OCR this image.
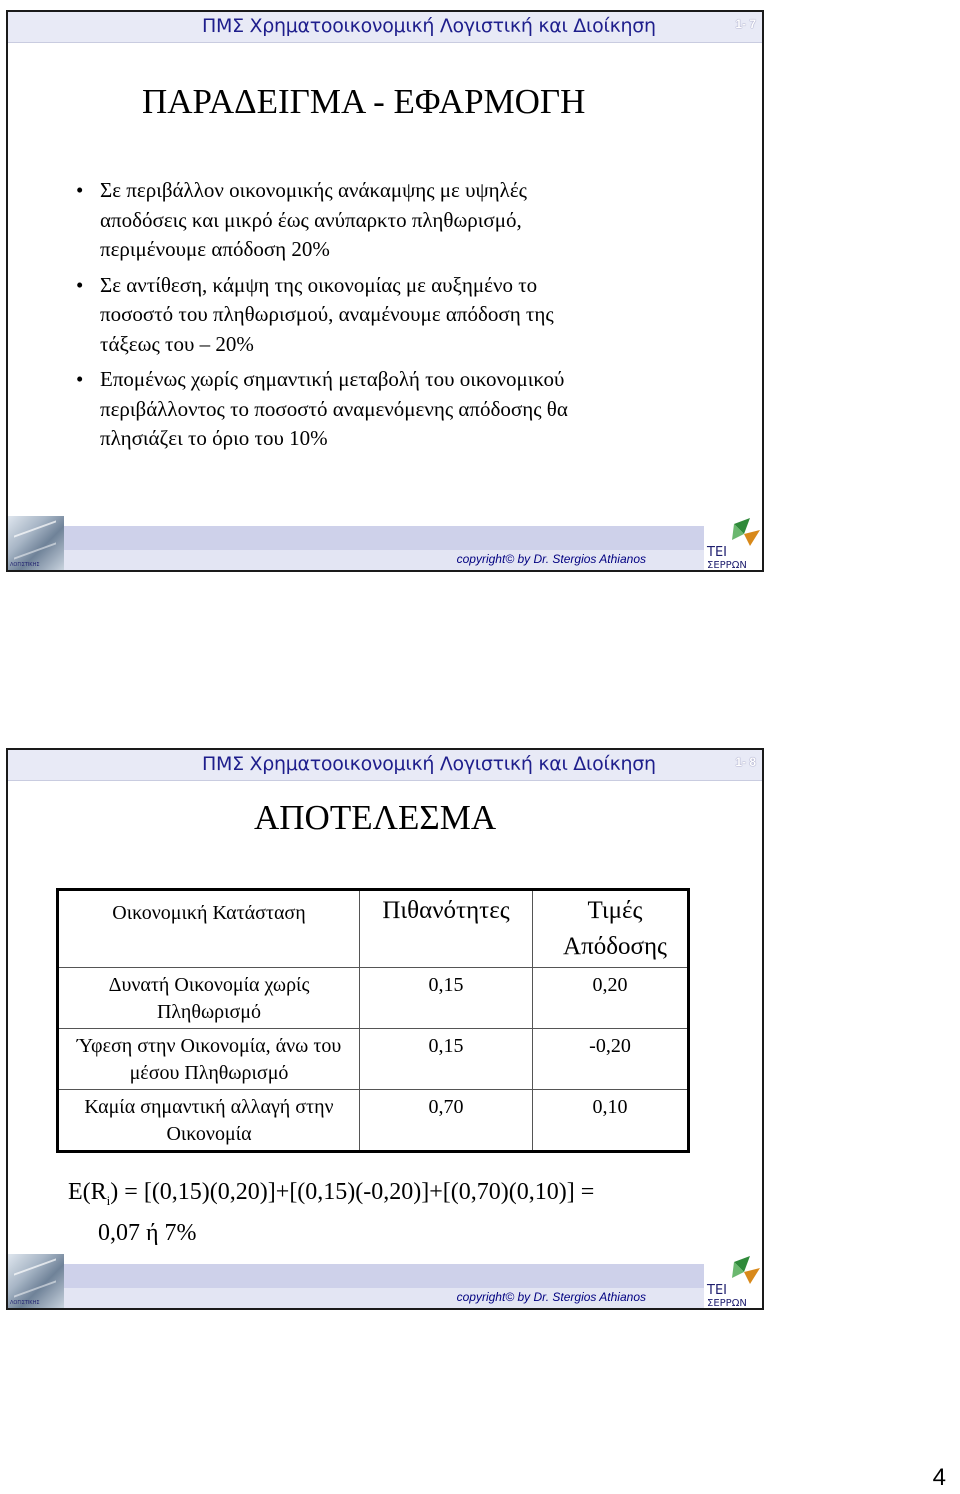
ΠΜΣ Χρηματοοικονομική Λογιστική και Διοίκηση	1- 7
ΠΑΡΑΔΕΙΓΜΑ - ΕΦΑΡΜΟΓΗ
• Σε περιβάλλον οικονομικής ανάκαμψης με υψηλές
αποδόσεις και μικρό έως ανύπαρκτο πληθωρισμό,
περιμένουμε απόδοση 20%
• Σε αντίθεση, κάμψη της οικονομίας με αυξημένο το
ποσοστό του πληθωρισμού, αναμένουμε απόδοση της
τάξεως του – 20%
• Επομένως χωρίς σημαντική μεταβολή του οικονομικού
περιβάλλοντος το ποσοστό αναμενόμενης απόδοσης θα
πλησιάζει το όριο του 10%
ΛΟΓΙΣΤΙΚΗΣ	copyright© by Dr. Stergios Athianos	ΤΕΙ
ΣΕΡΡΩΝ
ΠΜΣ Χρηματοοικονομική Λογιστική και Διοίκηση	1- 8
ΛΟΓΙΣΤΙΚΗΣ	copyright© by Dr. Stergios Athianos	ΤΕΙ
ΣΕΡΡΩΝ
ΑΠΟΤΕΛΕΣΜΑ
Οικονομική Κατάσταση	Πιθανότητες	Τιμές Απόδοσης
Δυνατή Οικονομία χωρίς Πληθωρισμό	0,15	0,20
Ύφεση στην Οικονομία, άνω του μέσου Πληθωρισμό	0,15	-0,20
Καμία σημαντική αλλαγή στην Οικονομία	0,70	0,10
$E(R_i) = [(0,15)(0,20)]+[(0,15)(-0,20)]+[(0,70)(0,10)]$ =
0,07 ή 7%
4
